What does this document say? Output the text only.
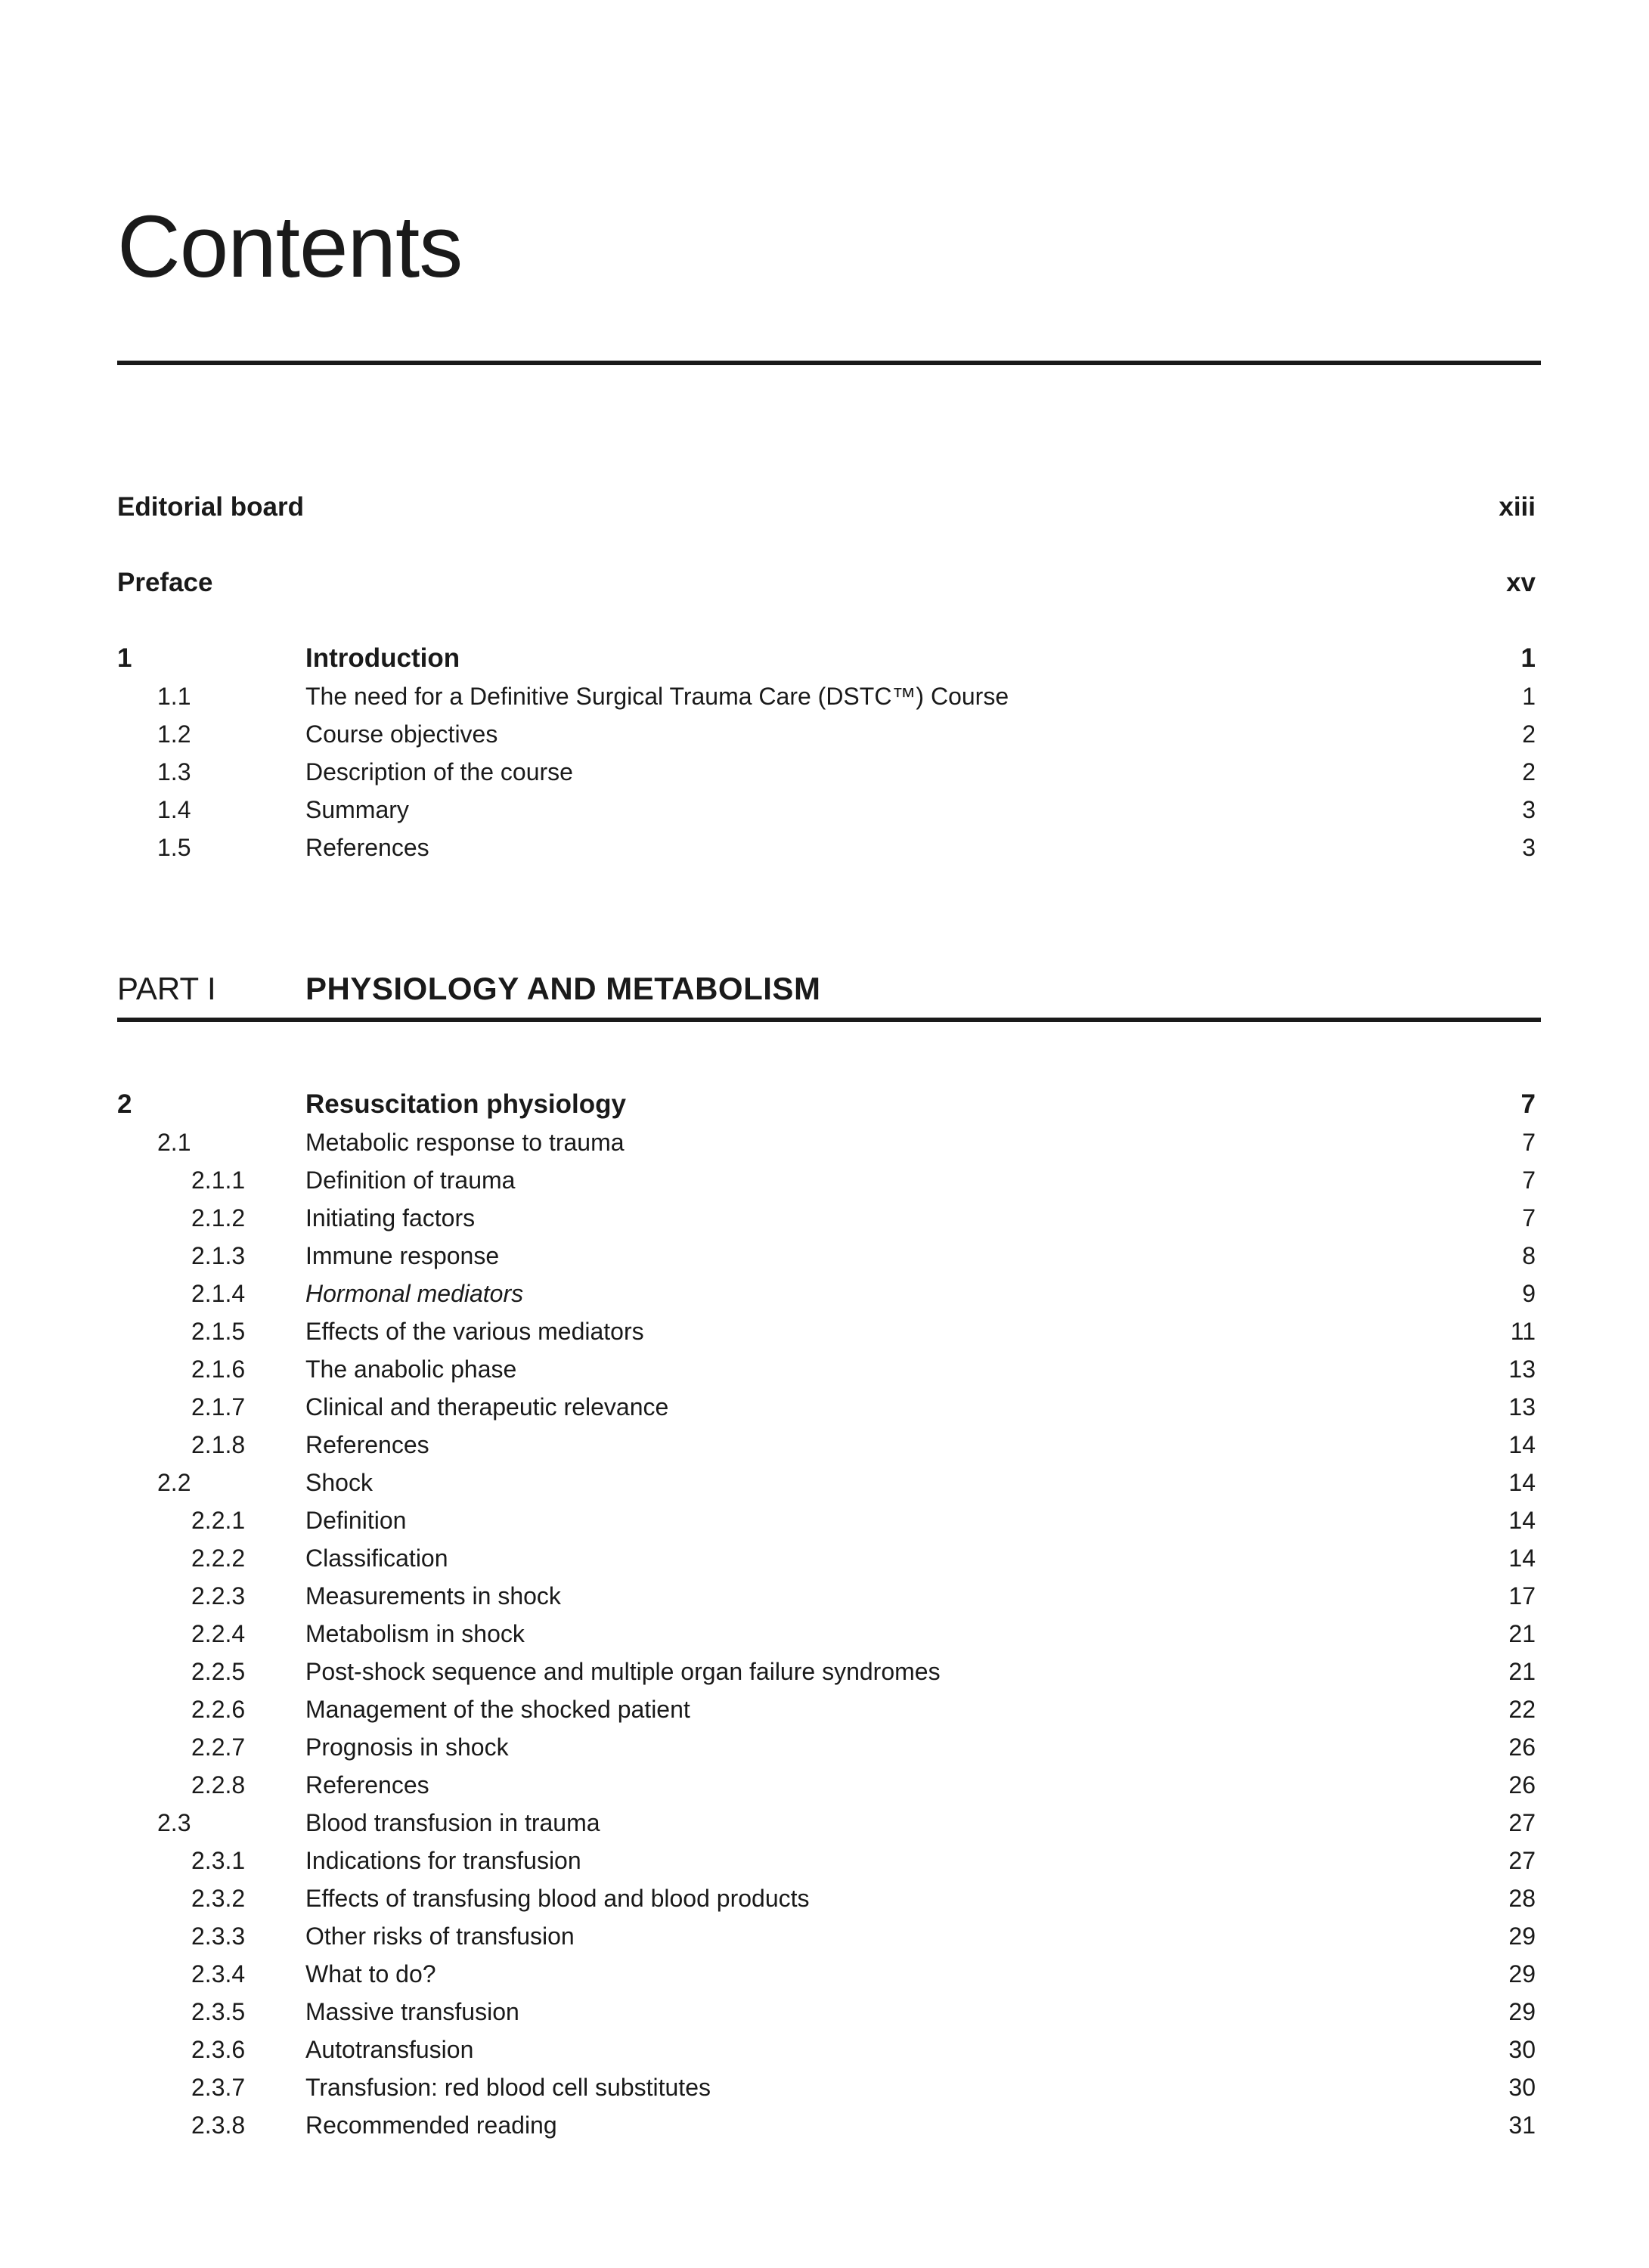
Contents
Editorial board	xiii
Preface	xv
1	Introduction	1
1.1	The need for a Definitive Surgical Trauma Care (DSTC™) Course	1
1.2	Course objectives	2
1.3	Description of the course	2
1.4	Summary	3
1.5	References	3
PART I	PHYSIOLOGY AND METABOLISM
2	Resuscitation physiology	7
2.1	Metabolic response to trauma	7
2.1.1 Definition of trauma	7
2.1.2 Initiating factors	7
2.1.3 Immune response	8
2.1.4 Hormonal mediators	9
2.1.5 Effects of the various mediators	11
2.1.6 The anabolic phase	13
2.1.7 Clinical and therapeutic relevance	13
2.1.8 References	14
2.2	Shock	14
2.2.1 Definition	14
2.2.2 Classification	14
2.2.3 Measurements in shock	17
2.2.4 Metabolism in shock	21
2.2.5 Post-shock sequence and multiple organ failure syndromes	21
2.2.6 Management of the shocked patient	22
2.2.7 Prognosis in shock	26
2.2.8 References	26
2.3	Blood transfusion in trauma	27
2.3.1 Indications for transfusion	27
2.3.2 Effects of transfusing blood and blood products	28
2.3.3 Other risks of transfusion	29
2.3.4 What to do?	29
2.3.5 Massive transfusion	29
2.3.6 Autotransfusion	30
2.3.7 Transfusion: red blood cell substitutes	30
2.3.8 Recommended reading	31
